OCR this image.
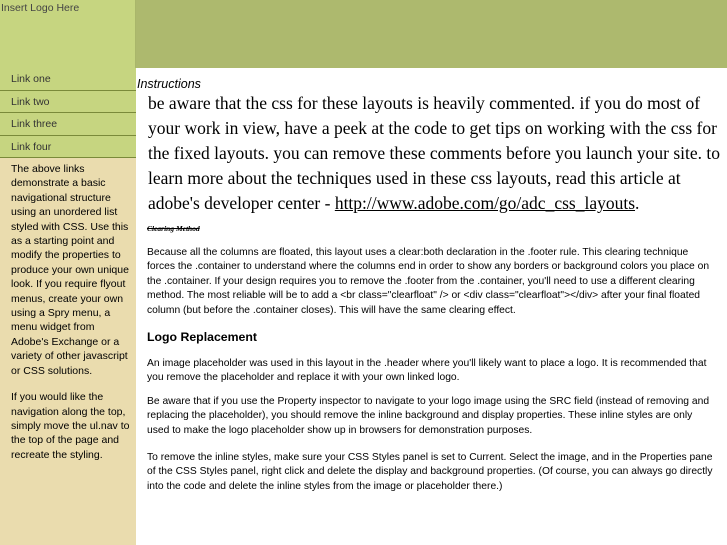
Insert Logo Here
Link one
Link two
Link three
Link four

The above links demonstrate a basic navigational structure using an unordered list styled with CSS. Use this as a starting point and modify the properties to produce your own unique look. If you require flyout menus, create your own using a Spry menu, a menu widget from Adobe's Exchange or a variety of other javascript or CSS solutions.

If you would like the navigation along the top, simply move the ul.nav to the top of the page and recreate the styling.

Instructions

be aware that the css for these layouts is heavily commented. if you do most of your work in view, have a peek at the code to get tips on working with the css for the fixed layouts. you can remove these comments before you launch your site. to learn more about the techniques used in these css layouts, read this article at adobe's developer center - http://www.adobe.com/go/adc_css_layouts.

Clearing Method

Because all the columns are floated, this layout uses a clear:both declaration in the .footer rule. This clearing technique forces the .container to understand where the columns end in order to show any borders or background colors you place on the .container. If your design requires you to remove the .footer from the .container, you'll need to use a different clearing method. The most reliable will be to add a <br class="clearfloat" /> or <div class="clearfloat"></div> after your final floated column (but before the .container closes). This will have the same clearing effect.

Logo Replacement

An image placeholder was used in this layout in the .header where you'll likely want to place a logo. It is recommended that you remove the placeholder and replace it with your own linked logo.

Be aware that if you use the Property inspector to navigate to your logo image using the SRC field (instead of removing and replacing the placeholder), you should remove the inline background and display properties. These inline styles are only used to make the logo placeholder show up in browsers for demonstration purposes.

To remove the inline styles, make sure your CSS Styles panel is set to Current. Select the image, and in the Properties pane of the CSS Styles panel, right click and delete the display and background properties. (Of course, you can always go directly into the code and delete the inline styles from the image or placeholder there.)
